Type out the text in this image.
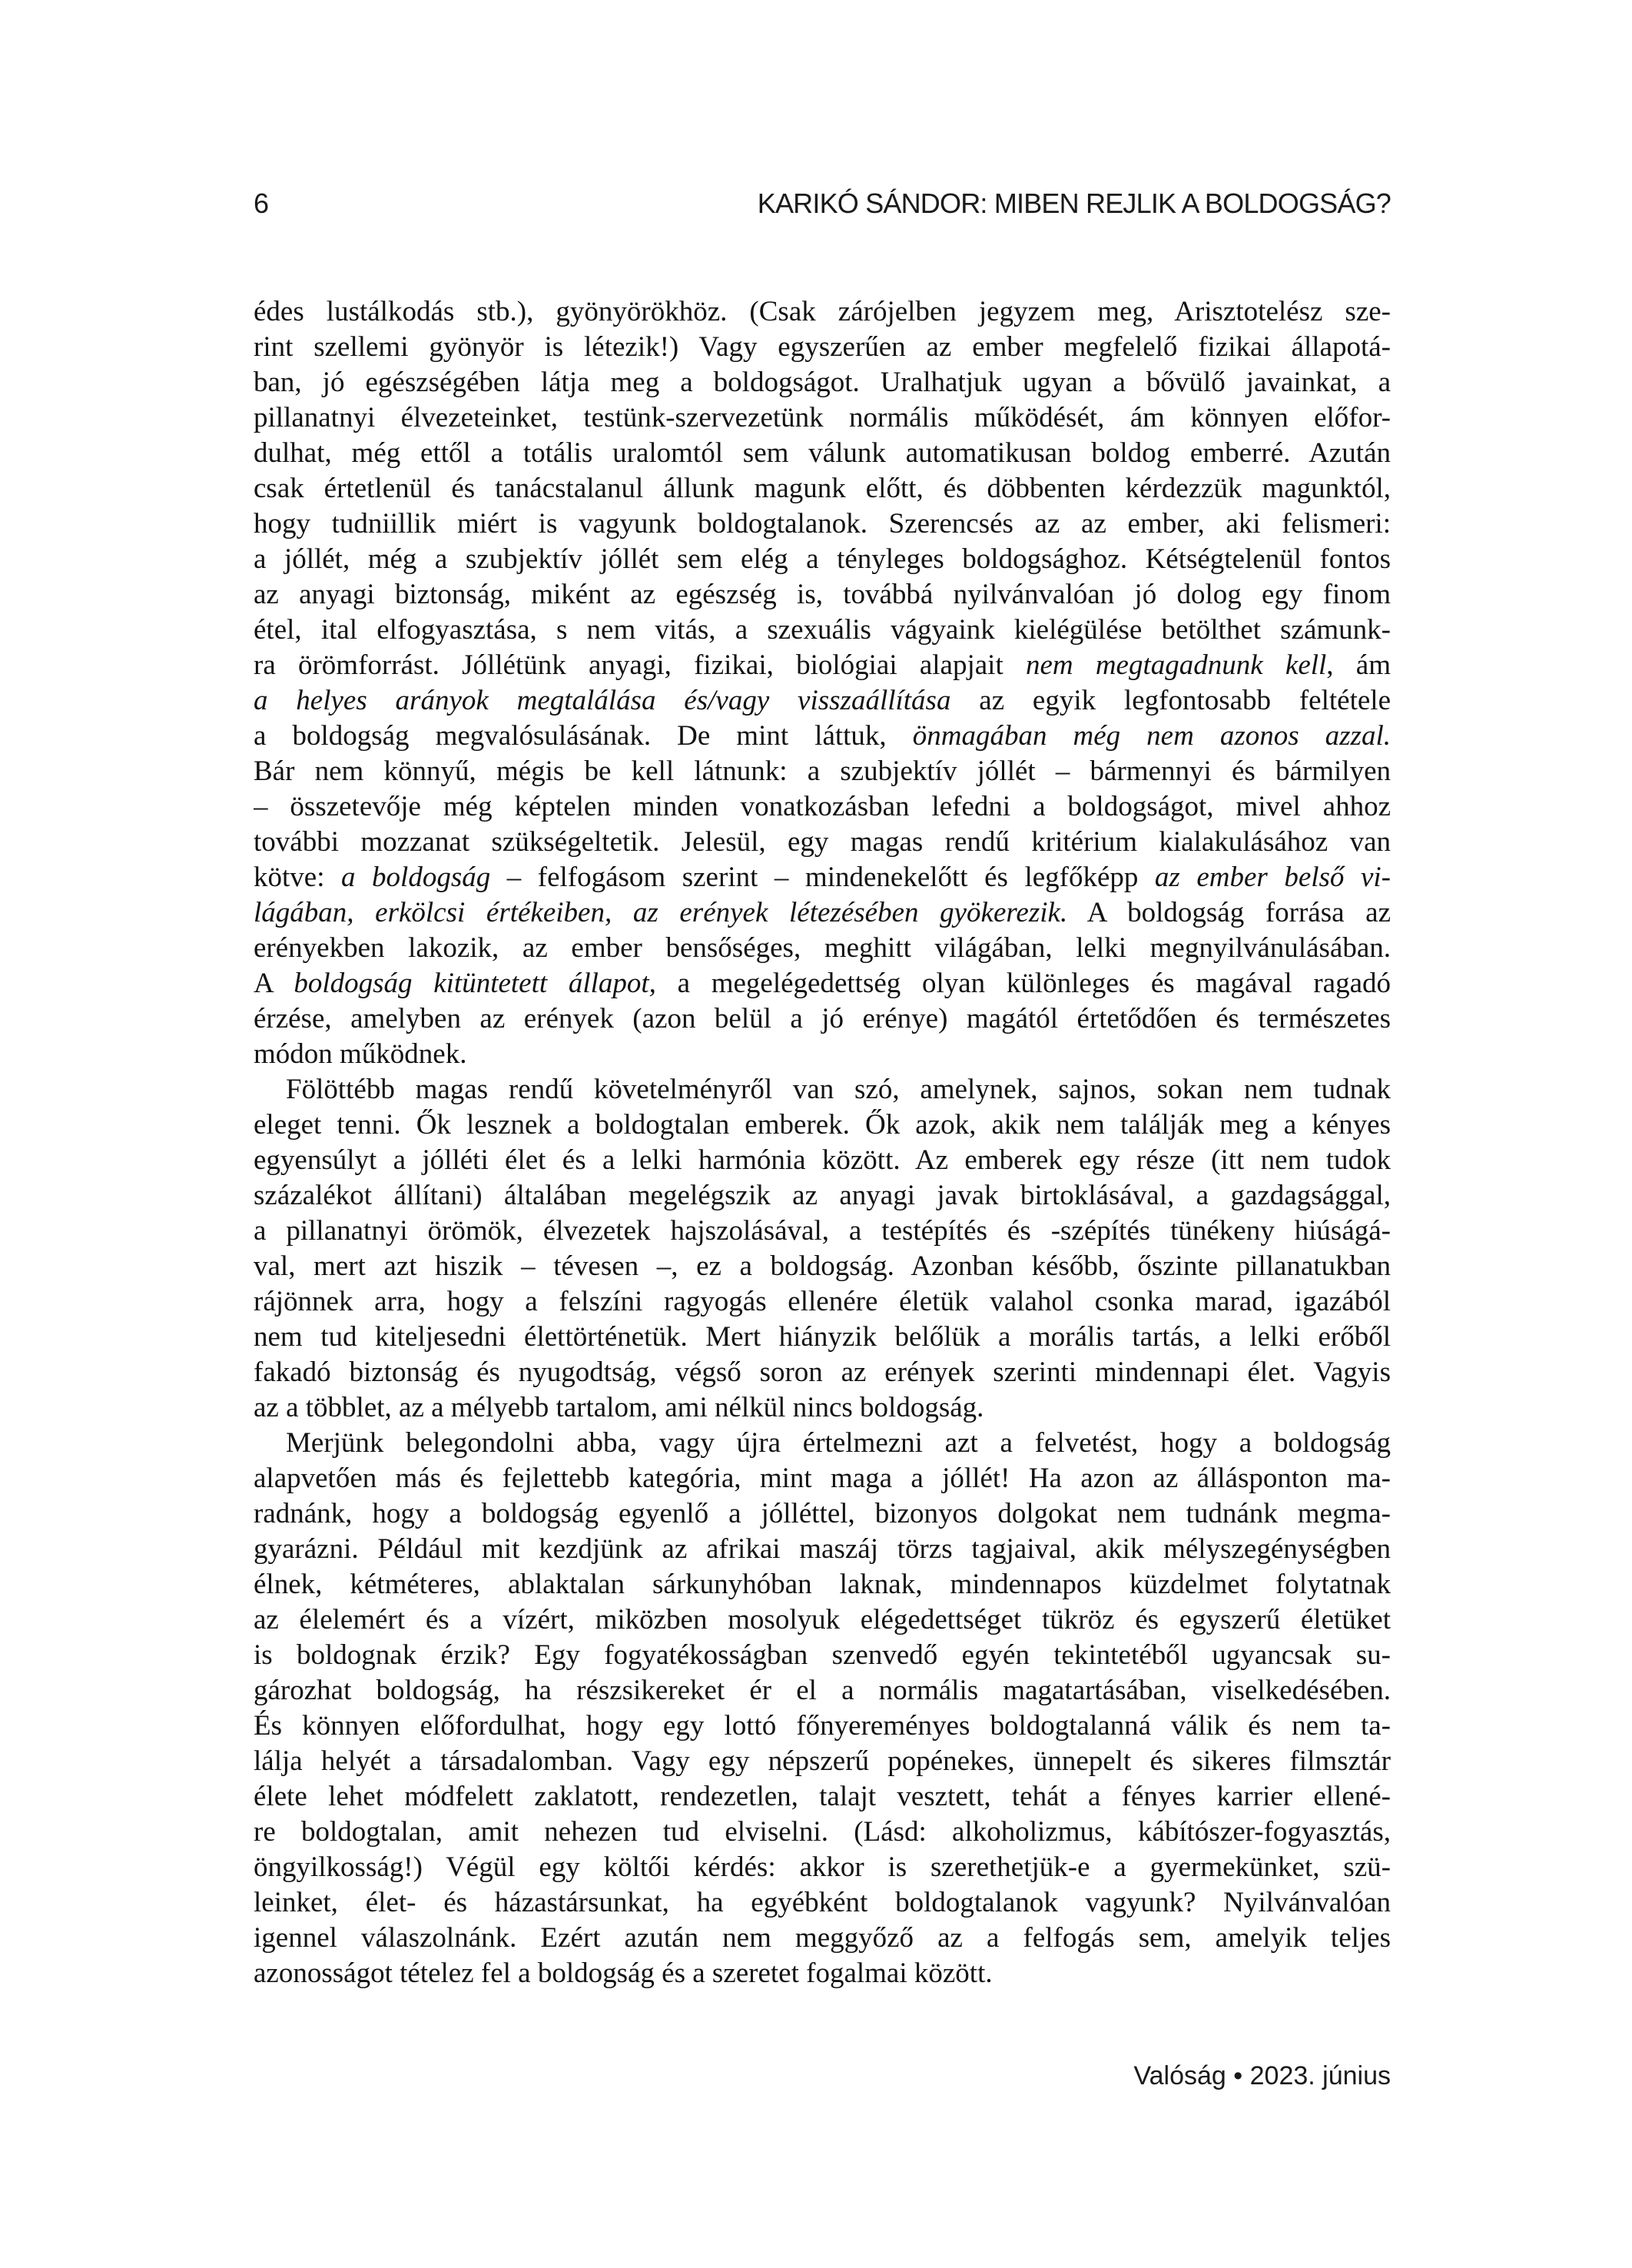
6	KARIKÓ SÁNDOR: MIBEN REJLIK A BOLDOGSÁG?
édes lustálkodás stb.), gyönyörökhöz. (Csak zárójelben jegyzem meg, Arisztotelész sze-
rint szellemi gyönyör is létezik!) Vagy egyszerűen az ember megfelelő fizikai állapotá-
ban, jó egészségében látja meg a boldogságot. Uralhatjuk ugyan a bővülő javainkat, a
pillanatnyi élvezeteinket, testünk-szervezetünk normális működését, ám könnyen előfor-
dulhat, még ettől a totális uralomtól sem válunk automatikusan boldog emberré. Azután
csak értetlenül és tanácstalanul állunk magunk előtt, és döbbenten kérdezzük magunktól,
hogy tudniillik miért is vagyunk boldogtalanok. Szerencsés az az ember, aki felismeri:
a jóllét, még a szubjektív jóllét sem elég a tényleges boldogsághoz. Kétségtelenül fontos
az anyagi biztonság, miként az egészség is, továbbá nyilvánvalóan jó dolog egy finom
étel, ital elfogyasztása, s nem vitás, a szexuális vágyaink kielégülése betölthet számunk-
ra örömforrást. Jóllétünk anyagi, fizikai, biológiai alapjait nem megtagadnunk kell, ám
a helyes arányok megtalálása és/vagy visszaállítása az egyik legfontosabb feltétele
a boldogság megvalósulásának. De mint láttuk, önmagában még nem azonos azzal.
Bár nem könnyű, mégis be kell látnunk: a szubjektív jóllét – bármennyi és bármilyen
– összetevője még képtelen minden vonatkozásban lefedni a boldogságot, mivel ahhoz
további mozzanat szükségeltetik. Jelesül, egy magas rendű kritérium kialakulásához van
kötve: a boldogság – felfogásom szerint – mindenekelőtt és legfőképp az ember belső vi-
lágában, erkölcsi értékeiben, az erények létezésében gyökerezik. A boldogság forrása az
erényekben lakozik, az ember bensőséges, meghitt világában, lelki megnyilvánulásában.
A boldogság kitüntetett állapot, a megelégedettség olyan különleges és magával ragadó
érzése, amelyben az erények (azon belül a jó erénye) magától értetődően és természetes
módon működnek.
Fölöttébb magas rendű követelményről van szó, amelynek, sajnos, sokan nem tudnak
eleget tenni. Ők lesznek a boldogtalan emberek. Ők azok, akik nem találják meg a kényes
egyensúlyt a jólléti élet és a lelki harmónia között. Az emberek egy része (itt nem tudok
százalékot állítani) általában megelégszik az anyagi javak birtoklásával, a gazdagsággal,
a pillanatnyi örömök, élvezetek hajszolásával, a testépítés és -szépítés tünékeny hiúságá-
val, mert azt hiszik – tévesen –, ez a boldogság. Azonban később, őszinte pillanatukban
rájönnek arra, hogy a felszíni ragyogás ellenére életük valahol csonka marad, igazából
nem tud kiteljesedni élettörténetük. Mert hiányzik belőlük a morális tartás, a lelki erőből
fakadó biztonság és nyugodtság, végső soron az erények szerinti mindennapi élet. Vagyis
az a többlet, az a mélyebb tartalom, ami nélkül nincs boldogság.
Merjünk belegondolni abba, vagy újra értelmezni azt a felvetést, hogy a boldogság
alapvetően más és fejlettebb kategória, mint maga a jóllét! Ha azon az állásponton ma-
radnánk, hogy a boldogság egyenlő a jólléttel, bizonyos dolgokat nem tudnánk megma-
gyarázni. Például mit kezdjünk az afrikai maszáj törzs tagjaival, akik mélyszegénységben
élnek, kétméteres, ablaktalan sárkunyhóban laknak, mindennapos küzdelmet folytatnak
az élelemért és a vízért, miközben mosolyuk elégedettséget tükröz és egyszerű életüket
is boldognak érzik? Egy fogyatékosságban szenvedő egyén tekintetéből ugyancsak su-
gározhat boldogság, ha részsikereket ér el a normális magatartásában, viselkedésében.
És könnyen előfordulhat, hogy egy lottó főnyereményes boldogtalanná válik és nem ta-
lálja helyét a társadalomban. Vagy egy népszerű popénekes, ünnepelt és sikeres filmsztár
élete lehet módfelett zaklatott, rendezetlen, talajt vesztett, tehát a fényes karrier ellené-
re boldogtalan, amit nehezen tud elviselni. (Lásd: alkoholizmus, kábítószer-fogyasztás,
öngyilkosság!) Végül egy költői kérdés: akkor is szerethetjük-e a gyermekünket, szü-
leinket, élet- és házastársunkat, ha egyébként boldogtalanok vagyunk? Nyilvánvalóan
igennel válaszolnánk. Ezért azután nem meggyőző az a felfogás sem, amelyik teljes
azonosságot tételez fel a boldogság és a szeretet fogalmai között.
Valóság • 2023. június
